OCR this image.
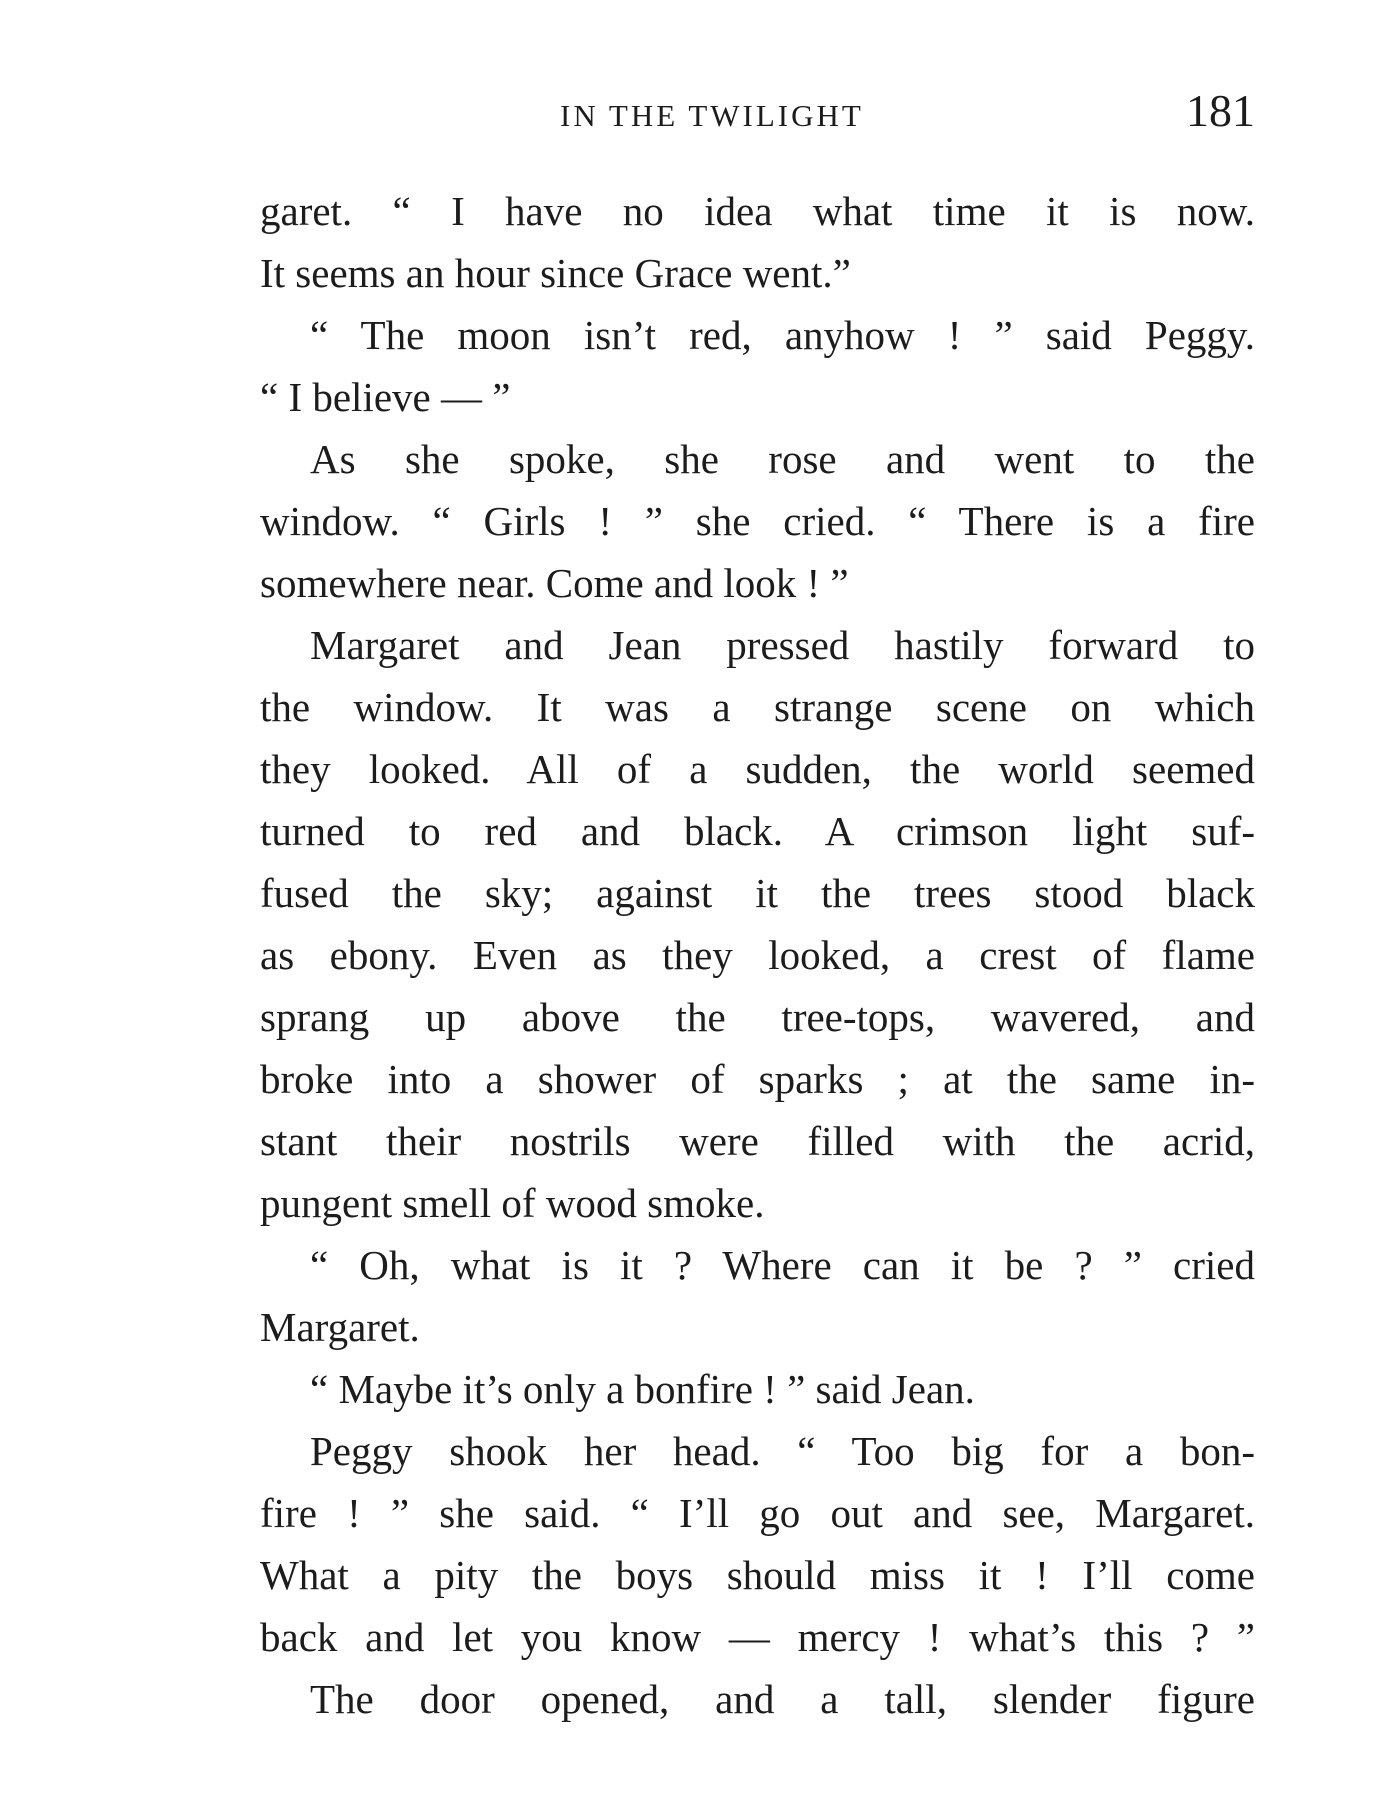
IN THE TWILIGHT	181
garet. “ I have no idea what time it is now.
It seems an hour since Grace went.”
“ The moon isn’t red, anyhow ! ” said Peggy.
“ I believe — ”
As she spoke, she rose and went to the
window. “ Girls ! ” she cried. “ There is a fire
somewhere near. Come and look ! ”
Margaret and Jean pressed hastily forward to
the window. It was a strange scene on which
they looked. All of a sudden, the world seemed
turned to red and black. A crimson light suf-
fused the sky; against it the trees stood black
as ebony. Even as they looked, a crest of flame
sprang up above the tree-tops, wavered, and
broke into a shower of sparks ; at the same in-
stant their nostrils were filled with the acrid,
pungent smell of wood smoke.
“ Oh, what is it ? Where can it be ? ” cried
Margaret.
“ Maybe it’s only a bonfire ! ” said Jean.
Peggy shook her head. “ Too big for a bon-
fire ! ” she said. “ I’ll go out and see, Margaret.
What a pity the boys should miss it ! I’ll come
back and let you know — mercy ! what’s this ? ”
The door opened, and a tall, slender figure
